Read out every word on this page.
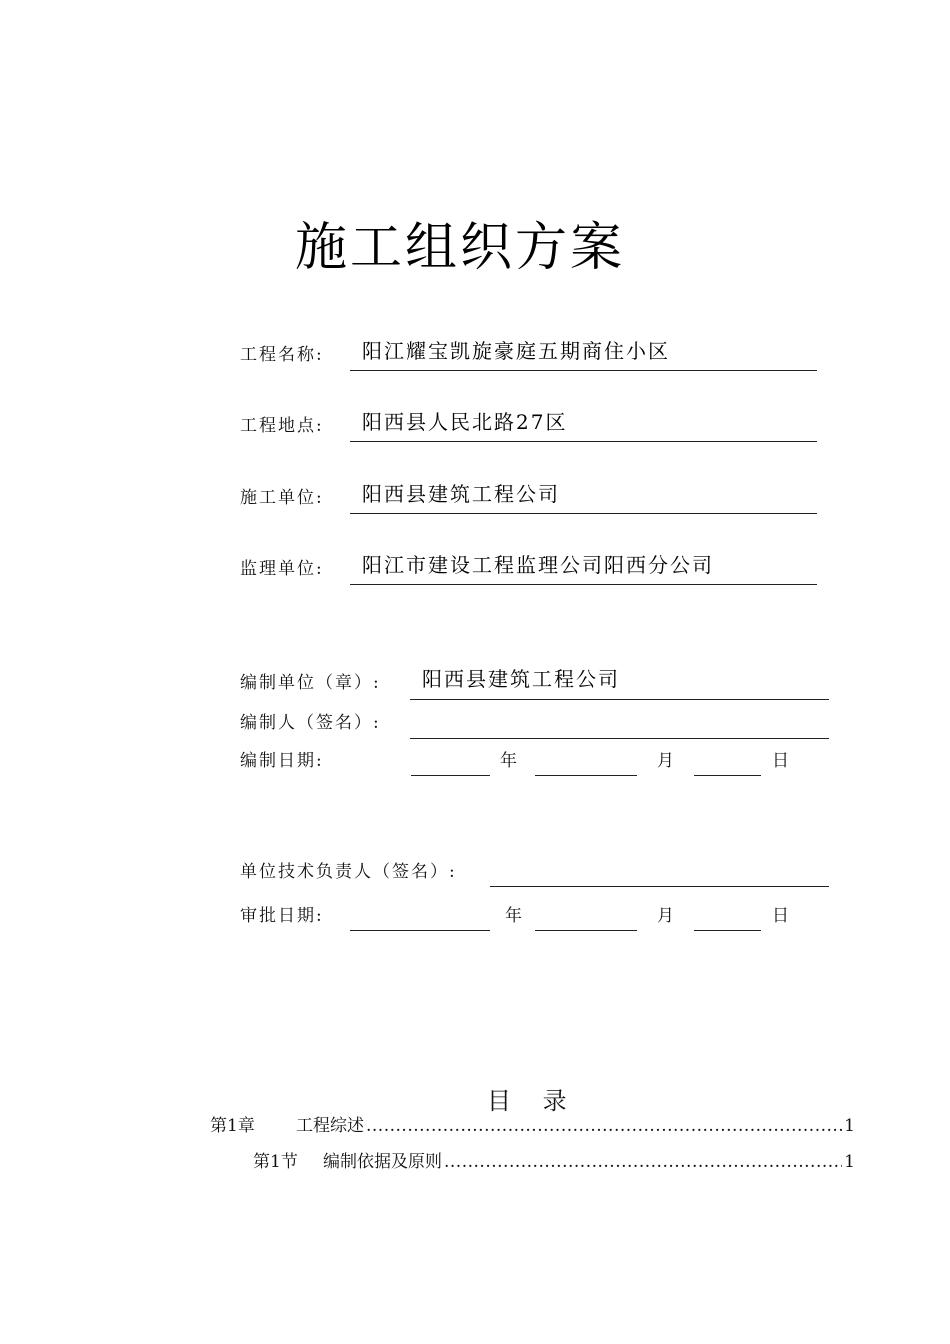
施工组织方案
工程名称: 阳江耀宝凯旋豪庭五期商住小区
工程地点: 阳西县人民北路27区
施工单位: 阳西县建筑工程公司
监理单位: 阳江市建设工程监理公司阳西分公司
编制单位（章）: 阳西县建筑工程公司
编制人（签名）:
编制日期:	年	月	日
单位技术负责人（签名）:
审批日期:	年	月	日
目 录
第1章	工程综述 .....	1
第1节	编制依据及原则 .....	1
